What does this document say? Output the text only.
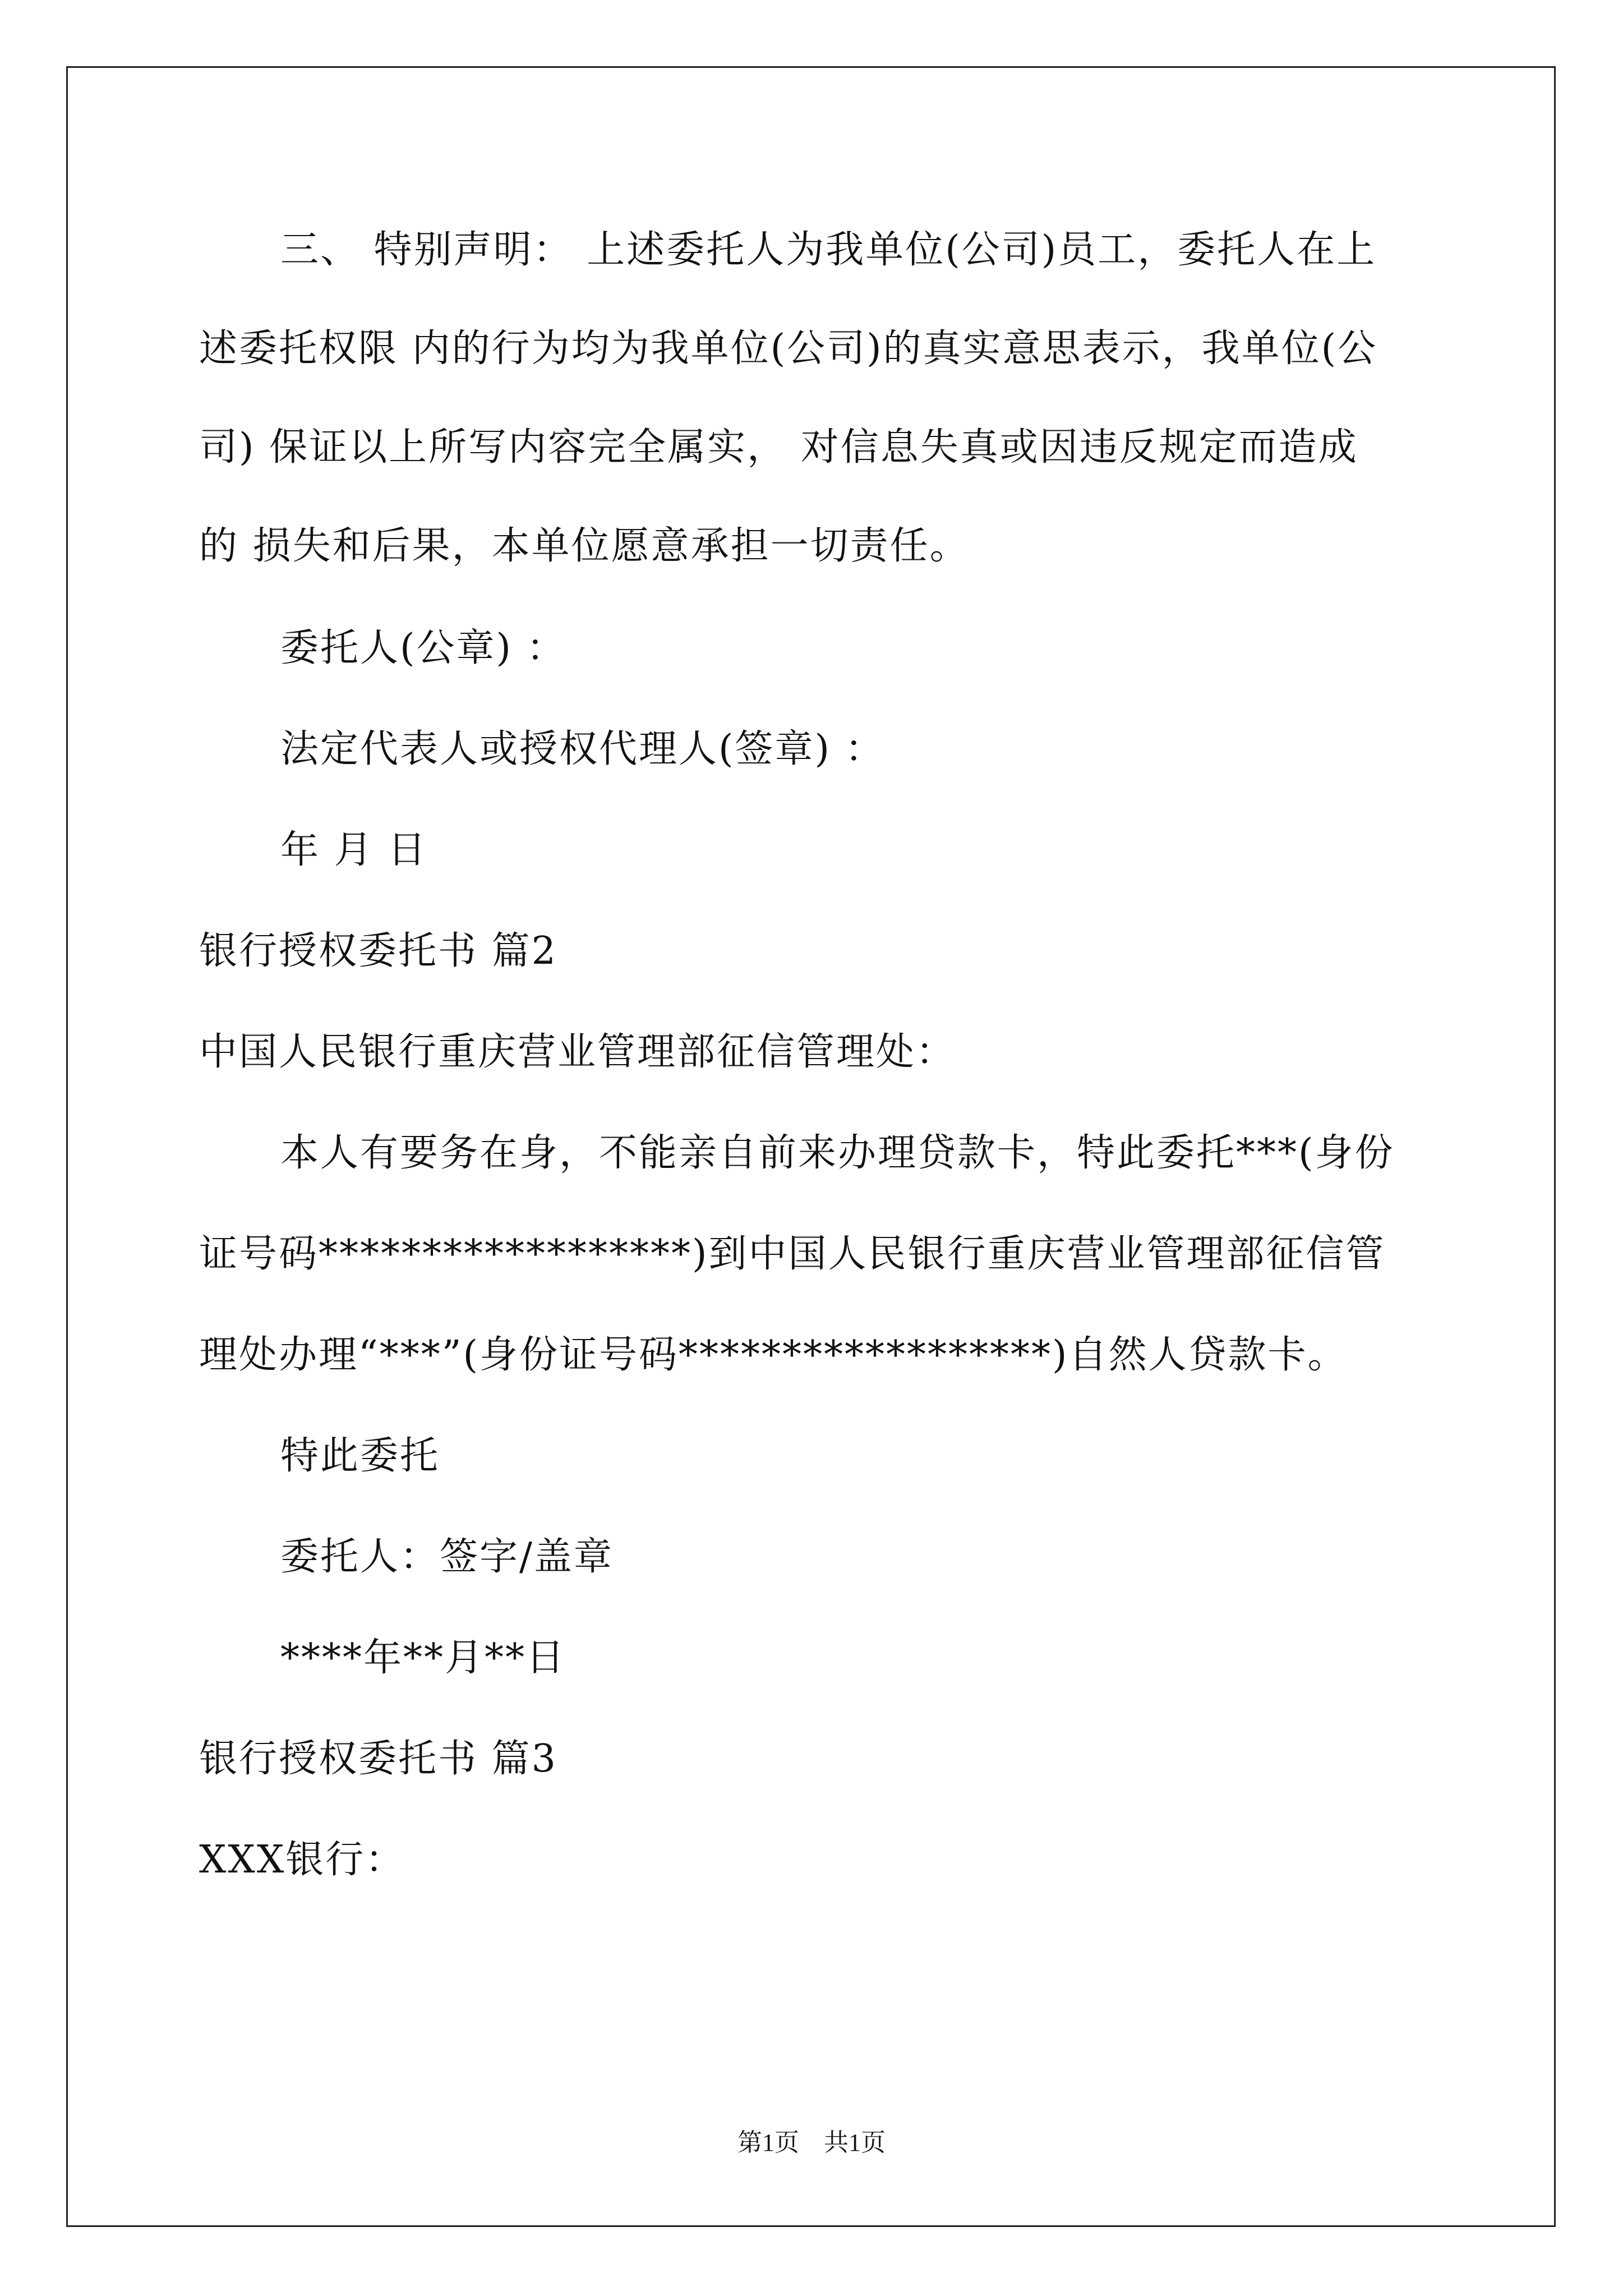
三、 特别声明： 上述委托人为我单位(公司)员工，委托人在上
述委托权限 内的行为均为我单位(公司)的真实意思表示，我单位(公
司) 保证以上所写内容完全属实， 对信息失真或因违反规定而造成
的 损失和后果，本单位愿意承担一切责任。
委托人(公章) ：
法定代表人或授权代理人(签章) ：
年 月 日
银行授权委托书 篇2
中国人民银行重庆营业管理部征信管理处：
本人有要务在身，不能亲自前来办理贷款卡，特此委托***(身份
证号码******************)到中国人民银行重庆营业管理部征信管
理处办理“***”(身份证号码******************)自然人贷款卡。
特此委托
委托人：签字/盖章
****年**月**日
银行授权委托书 篇3
XXX银行：
第1页　共1页
